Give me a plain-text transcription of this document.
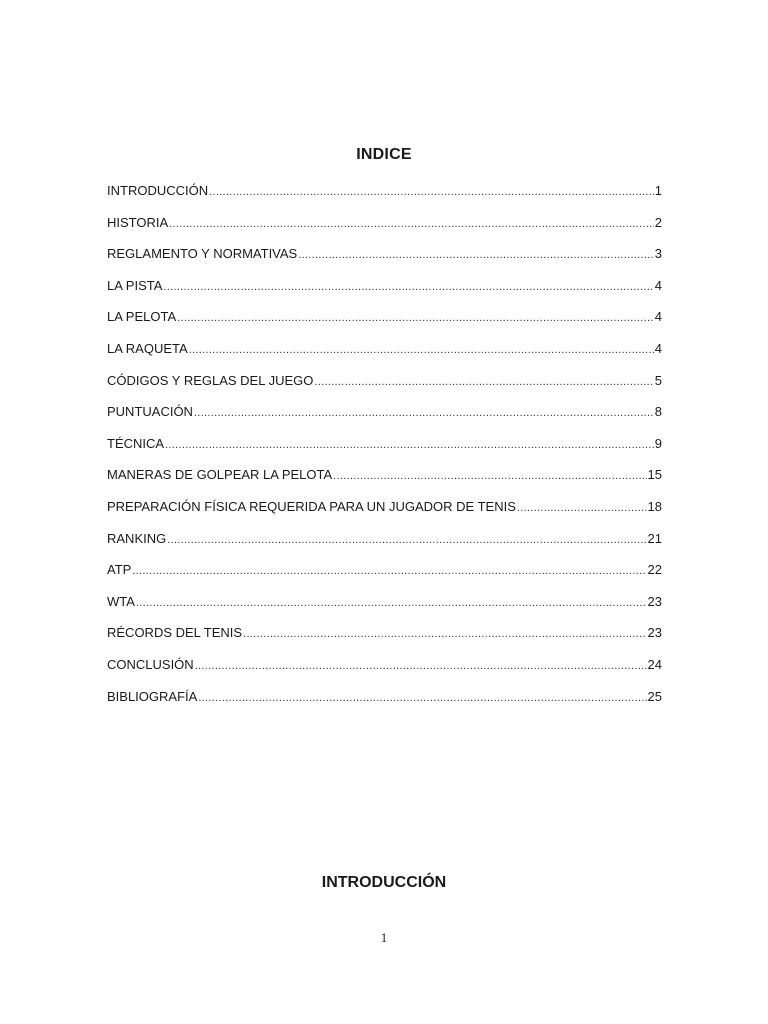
INDICE
INTRODUCCIÓN .....	1
HISTORIA .....	2
REGLAMENTO Y NORMATIVAS .....	3
LA PISTA .....	4
LA PELOTA .....	4
LA RAQUETA .....	4
CÓDIGOS Y REGLAS DEL JUEGO .....	5
PUNTUACIÓN .....	8
TÉCNICA .....	9
MANERAS DE GOLPEAR LA PELOTA .....	15
PREPARACIÓN FÍSICA REQUERIDA PARA UN JUGADOR DE TENIS .....	18
RANKING .....	21
ATP .....	22
WTA .....	23
RÉCORDS DEL TENIS .....	23
CONCLUSIÓN .....	24
BIBLIOGRAFÍA .....	25
INTRODUCCIÓN
1
